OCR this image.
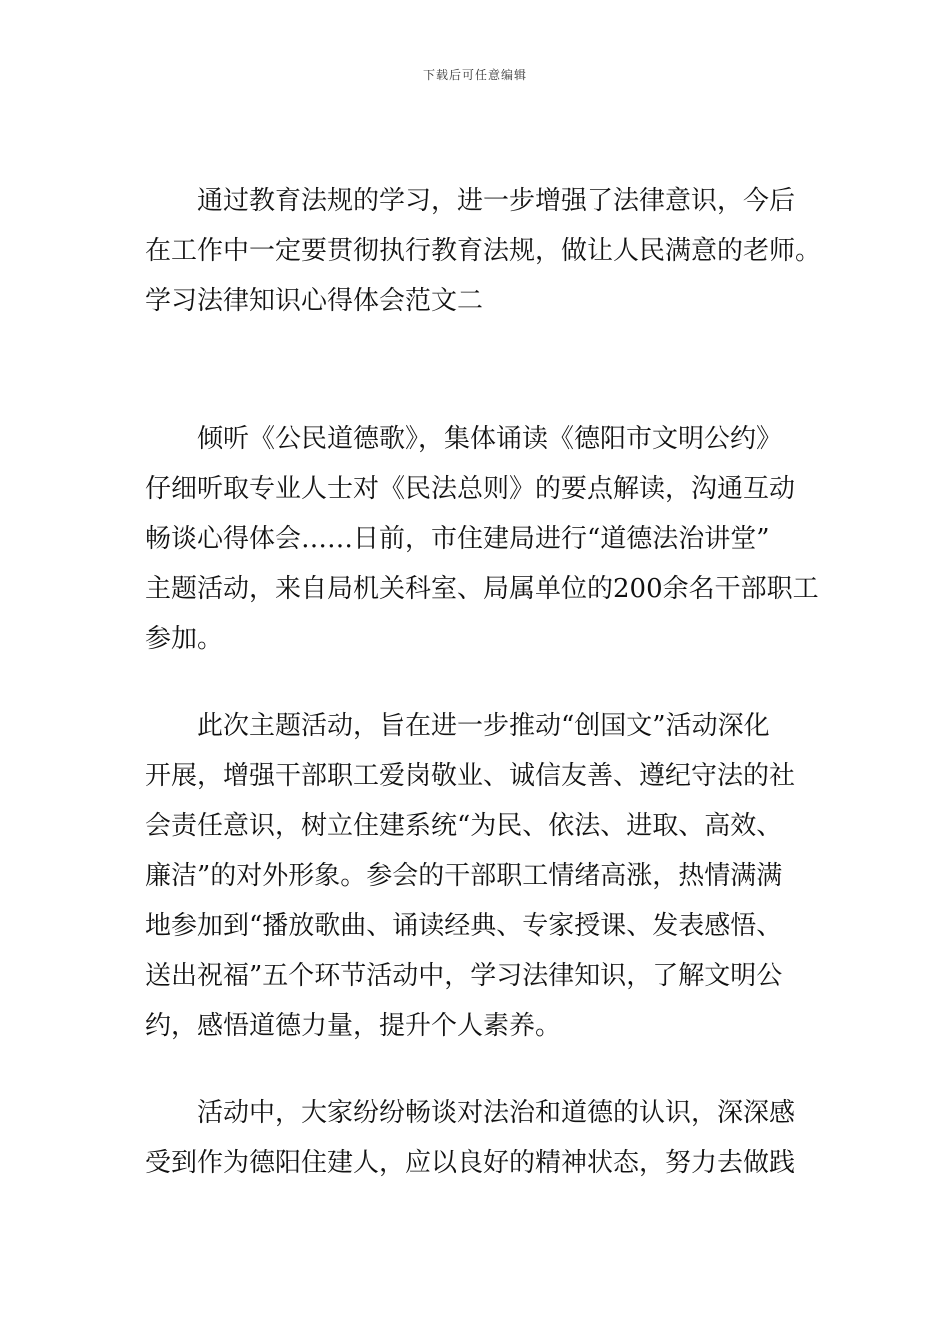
下载后可任意编辑
通过教育法规的学习，进一步增强了法律意识，今后
在工作中一定要贯彻执行教育法规，做让人民满意的老师。
学习法律知识心得体会范文二
倾听《公民道德歌》，集体诵读《德阳市文明公约》
仔细听取专业人士对《民法总则》的要点解读，沟通互动
畅谈心得体会……日前，市住建局进行“道德法治讲堂”
主题活动，来自局机关科室、局属单位的200余名干部职工
参加。
此次主题活动，旨在进一步推动“创国文”活动深化
开展，增强干部职工爱岗敬业、诚信友善、遵纪守法的社
会责任意识，树立住建系统“为民、依法、进取、高效、
廉洁”的对外形象。参会的干部职工情绪高涨，热情满满
地参加到“播放歌曲、诵读经典、专家授课、发表感悟、
送出祝福”五个环节活动中，学习法律知识，了解文明公
约，感悟道德力量，提升个人素养。
活动中，大家纷纷畅谈对法治和道德的认识，深深感
受到作为德阳住建人，应以良好的精神状态，努力去做践
